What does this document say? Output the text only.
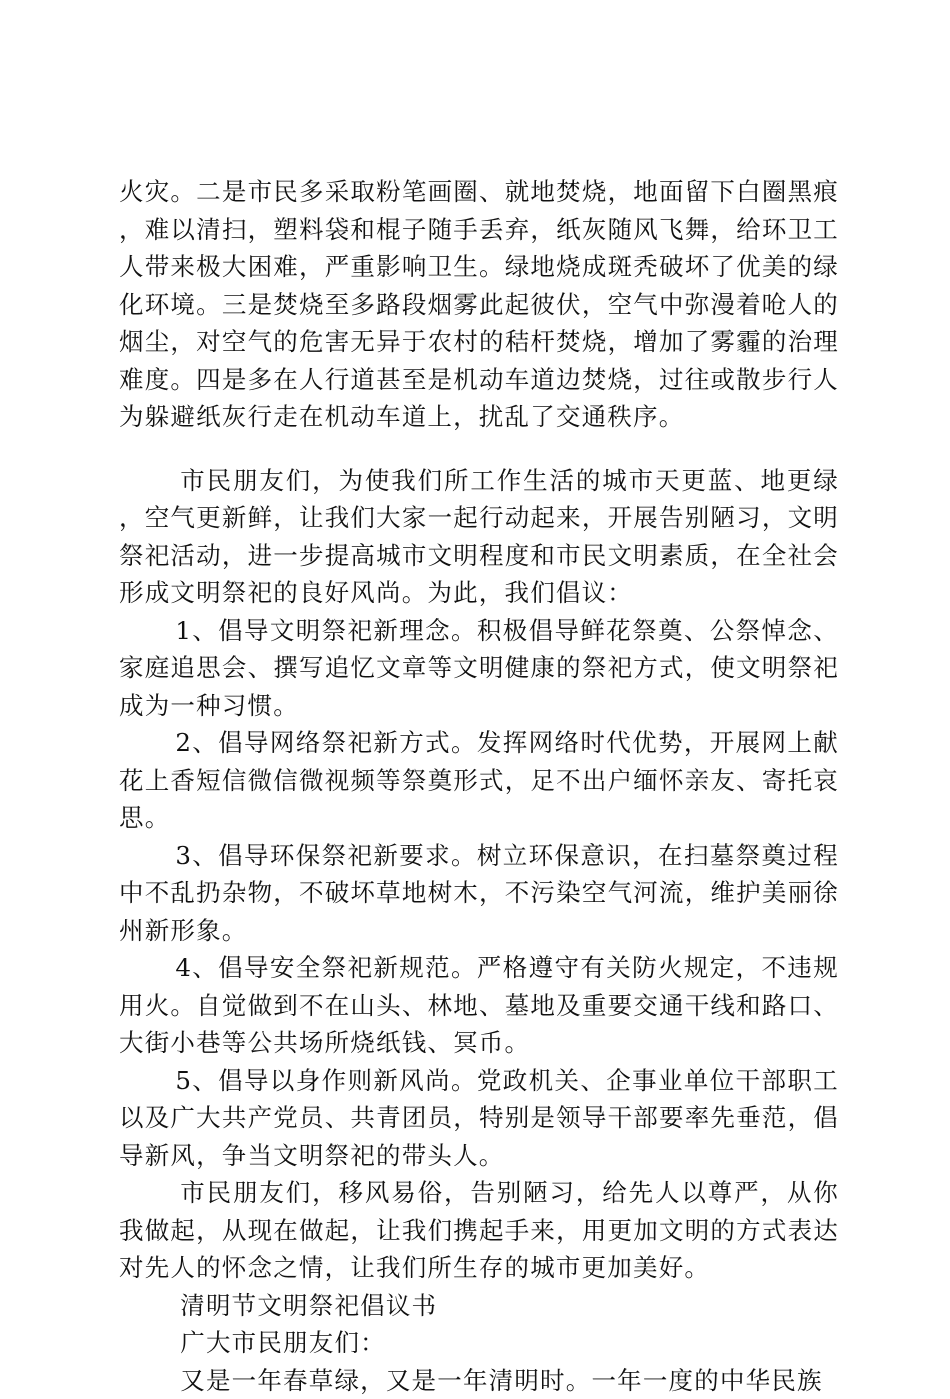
火灾。二是市民多采取粉笔画圈、就地焚烧，地面留下白圈黑痕，难以清扫，塑料袋和棍子随手丢弃，纸灰随风飞舞，给环卫工人带来极大困难，严重影响卫生。绿地烧成斑秃破坏了优美的绿化环境。三是焚烧至多路段烟雾此起彼伏，空气中弥漫着呛人的烟尘，对空气的危害无异于农村的秸杆焚烧，增加了雾霾的治理难度。四是多在人行道甚至是机动车道边焚烧，过往或散步行人为躲避纸灰行走在机动车道上，扰乱了交通秩序。

市民朋友们，为使我们所工作生活的城市天更蓝、地更绿，空气更新鲜，让我们大家一起行动起来，开展告别陋习，文明祭祀活动，进一步提高城市文明程度和市民文明素质，在全社会形成文明祭祀的良好风尚。为此，我们倡议：

1、倡导文明祭祀新理念。积极倡导鲜花祭奠、公祭悼念、家庭追思会、撰写追忆文章等文明健康的祭祀方式，使文明祭祀成为一种习惯。

2、倡导网络祭祀新方式。发挥网络时代优势，开展网上献花上香短信微信微视频等祭奠形式，足不出户缅怀亲友、寄托哀思。

3、倡导环保祭祀新要求。树立环保意识，在扫墓祭奠过程中不乱扔杂物，不破坏草地树木，不污染空气河流，维护美丽徐州新形象。

4、倡导安全祭祀新规范。严格遵守有关防火规定，不违规用火。自觉做到不在山头、林地、墓地及重要交通干线和路口、大街小巷等公共场所烧纸钱、冥币。

5、倡导以身作则新风尚。党政机关、企事业单位干部职工以及广大共产党员、共青团员，特别是领导干部要率先垂范，倡导新风，争当文明祭祀的带头人。

市民朋友们，移风易俗，告别陋习，给先人以尊严，从你我做起，从现在做起，让我们携起手来，用更加文明的方式表达对先人的怀念之情，让我们所生存的城市更加美好。

清明节文明祭祀倡议书

广大市民朋友们：

又是一年春草绿，又是一年清明时。一年一度的中华民族
